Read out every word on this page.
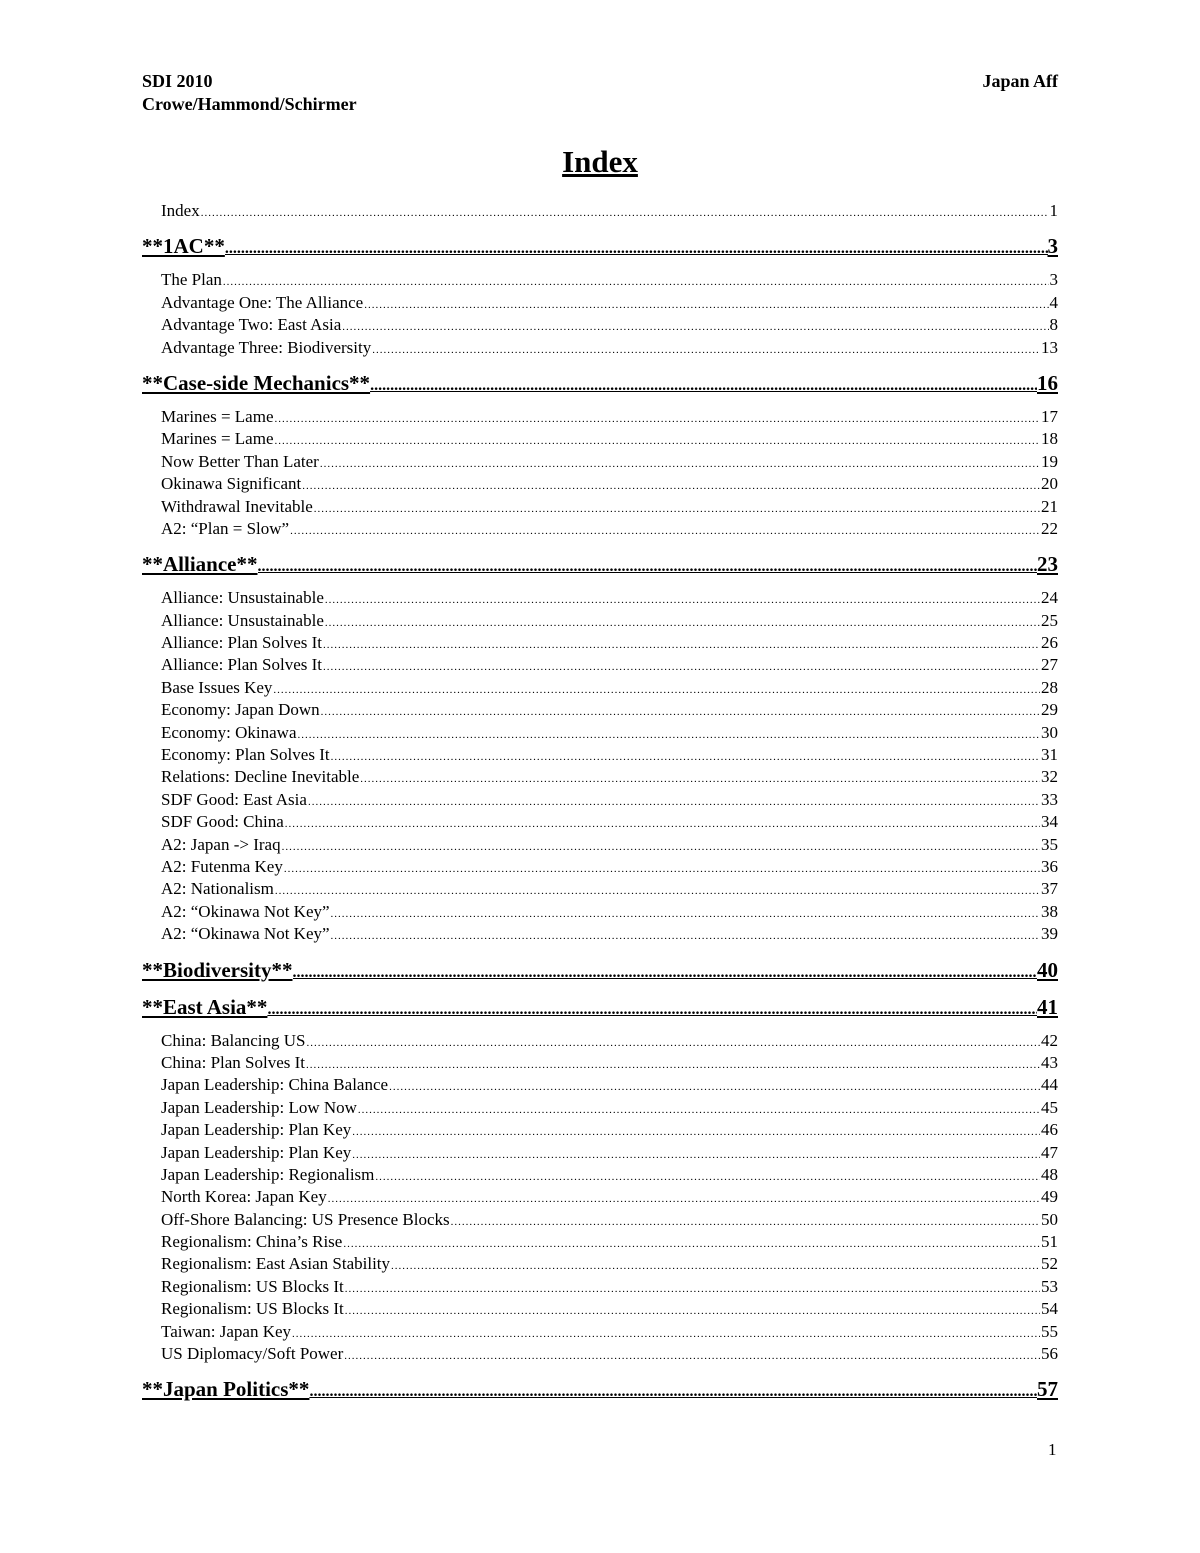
SDI 2010
Crowe/Hammond/Schirmer
Japan Aff
Index
Index .....	1
**1AC** .....	3
The Plan .....	3
Advantage One: The Alliance .....	4
Advantage Two: East Asia .....	8
Advantage Three: Biodiversity .....	13
**Case-side Mechanics** .....	16
Marines = Lame .....	17
Marines = Lame .....	18
Now Better Than Later .....	19
Okinawa Significant .....	20
Withdrawal Inevitable .....	21
A2: “Plan = Slow” .....	22
**Alliance** .....	23
Alliance: Unsustainable .....	24
Alliance: Unsustainable .....	25
Alliance: Plan Solves It .....	26
Alliance: Plan Solves It .....	27
Base Issues Key .....	28
Economy: Japan Down .....	29
Economy: Okinawa .....	30
Economy: Plan Solves It .....	31
Relations: Decline Inevitable .....	32
SDF Good: East Asia .....	33
SDF Good: China .....	34
A2: Japan -> Iraq .....	35
A2: Futenma Key .....	36
A2: Nationalism .....	37
A2: “Okinawa Not Key” .....	38
A2: “Okinawa Not Key” .....	39
**Biodiversity** .....	40
**East Asia** .....	41
China: Balancing US .....	42
China: Plan Solves It .....	43
Japan Leadership: China Balance .....	44
Japan Leadership: Low Now .....	45
Japan Leadership: Plan Key .....	46
Japan Leadership: Plan Key .....	47
Japan Leadership: Regionalism .....	48
North Korea: Japan Key .....	49
Off-Shore Balancing: US Presence Blocks .....	50
Regionalism: China’s Rise .....	51
Regionalism: East Asian Stability .....	52
Regionalism: US Blocks It .....	53
Regionalism: US Blocks It .....	54
Taiwan: Japan Key .....	55
US Diplomacy/Soft Power .....	56
**Japan Politics** .....	57
1
